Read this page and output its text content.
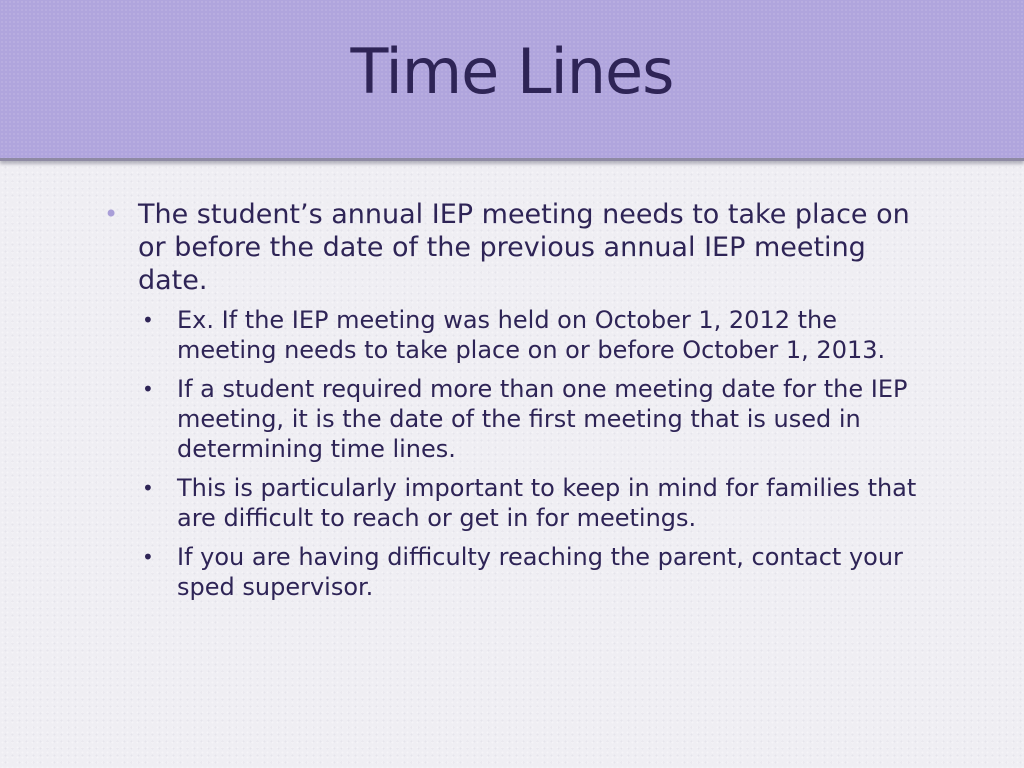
Time Lines
• The student’s annual IEP meeting needs to take place on or before the date of the previous annual IEP meeting date.
• Ex. If the IEP meeting was held on October 1, 2012 the meeting needs to take place on or before October 1, 2013.
• If a student required more than one meeting date for the IEP meeting, it is the date of the first meeting that is used in determining time lines.
• This is particularly important to keep in mind for families that are difficult to reach or get in for meetings.
• If you are having difficulty reaching the parent, contact your sped supervisor.
